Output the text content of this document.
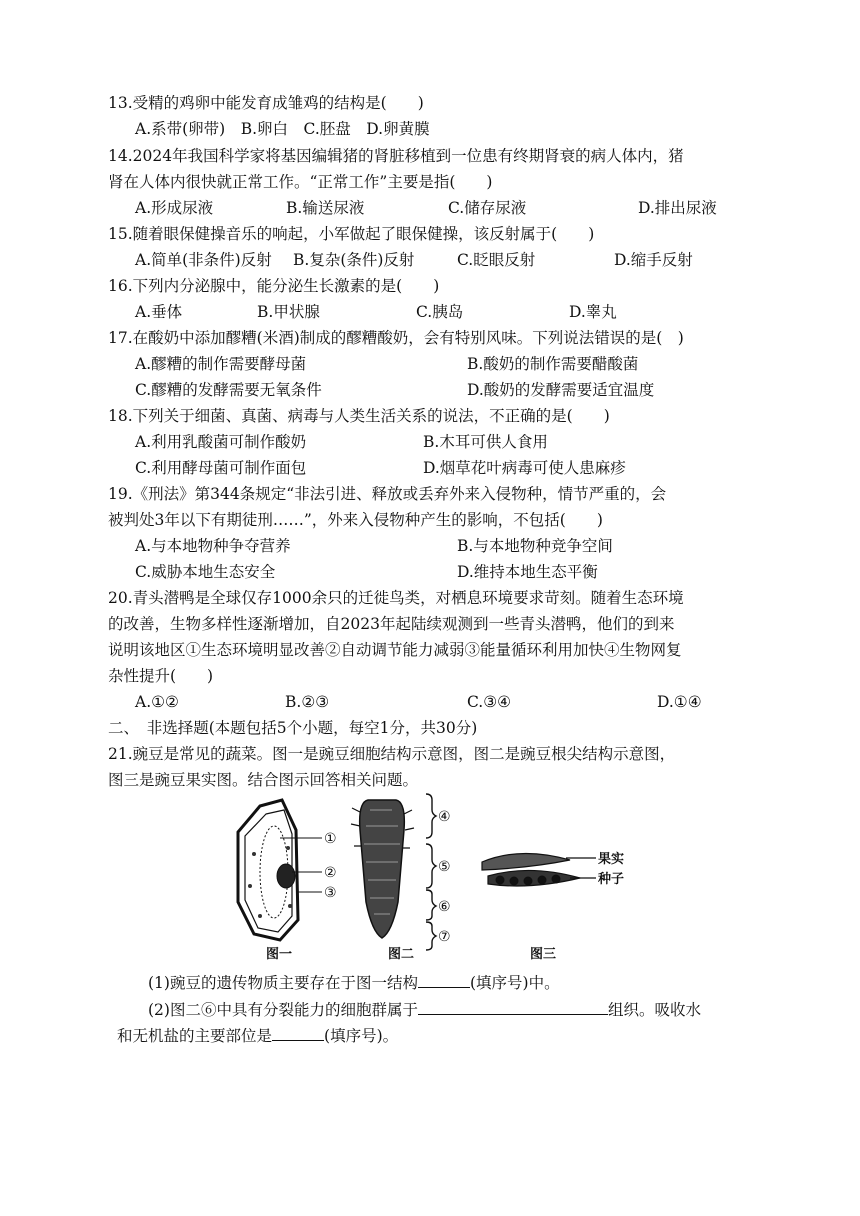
13.受精的鸡卵中能发育成雏鸡的结构是(　　)
A.系带(卵带)　B.卵白　C.胚盘　D.卵黄膜
14.2024年我国科学家将基因编辑猪的肾脏移植到一位患有终期肾衰的病人体内，猪
肾在人体内很快就正常工作。“正常工作”主要是指(　　)
A.形成尿液	B.输送尿液	C.储存尿液	D.排出尿液
15.随着眼保健操音乐的响起，小军做起了眼保健操，该反射属于(　　)
A.简单(非条件)反射 B.复杂(条件)反射	C.眨眼反射	D.缩手反射
16.下列内分泌腺中，能分泌生长激素的是(　　)
A.垂体	B.甲状腺	C.胰岛	D.睾丸
17.在酸奶中添加醪糟(米酒)制成的醪糟酸奶，会有特别风味。下列说法错误的是(　)
A.醪糟的制作需要酵母菌	B.酸奶的制作需要醋酸菌
C.醪糟的发酵需要无氧条件	D.酸奶的发酵需要适宜温度
18.下列关于细菌、真菌、病毒与人类生活关系的说法，不正确的是(　　)
A.利用乳酸菌可制作酸奶	B.木耳可供人食用
C.利用酵母菌可制作面包	D.烟草花叶病毒可使人患麻疹
19.《刑法》第344条规定“非法引进、释放或丢弃外来入侵物种，情节严重的，会
被判处3年以下有期徒刑……”，外来入侵物种产生的影响，不包括(　　)
A.与本地物种争夺营养	B.与本地物种竞争空间
C.威胁本地生态安全	D.维持本地生态平衡
20.青头潜鸭是全球仅存1000余只的迁徙鸟类，对栖息环境要求苛刻。随着生态环境
的改善，生物多样性逐渐增加，自2023年起陆续观测到一些青头潜鸭，他们的到来
说明该地区①生态环境明显改善②自动调节能力减弱③能量循环利用加快④生物网复
杂性提升(　　)
A.①②	B.②③	C.③④	D.①④
二、　非选择题(本题包括5个小题，每空1分，共30分)
21.豌豆是常见的蔬菜。图一是豌豆细胞结构示意图，图二是豌豆根尖结构示意图，
图三是豌豆果实图。结合图示回答相关问题。
①
②
③
图一
④
⑤
⑥
⑦
图二
果实
种子
图三
(1)豌豆的遗传物质主要存在于图一结构	(填序号)中。
(2)图二⑥中具有分裂能力的细胞群属于	组织。吸收水
和无机盐的主要部位是	(填序号)。
